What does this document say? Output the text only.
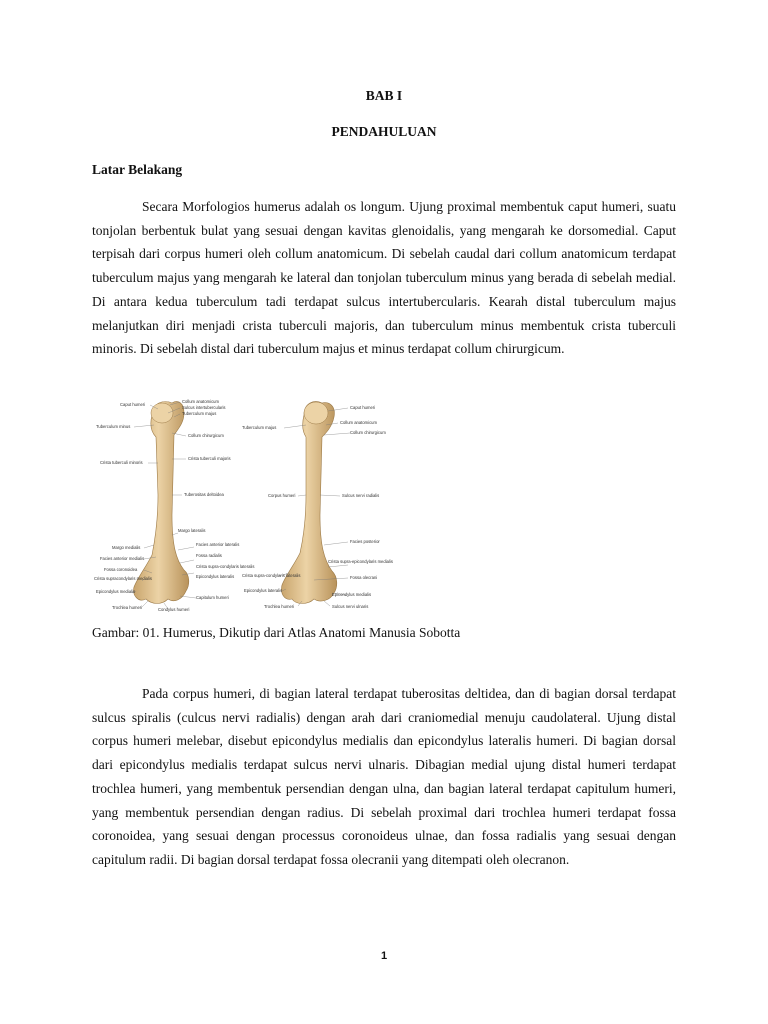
BAB I
PENDAHULUAN
Latar Belakang

Secara Morfologios humerus adalah os longum. Ujung proximal membentuk caput humeri, suatu tonjolan berbentuk bulat yang sesuai dengan kavitas glenoidalis, yang mengarah ke dorsomedial. Caput terpisah dari corpus humeri oleh collum anatomicum. Di sebelah caudal dari collum anatomicum terdapat tuberculum majus yang mengarah ke lateral dan tonjolan tuberculum minus yang berada di sebelah medial. Di antara kedua tuberculum tadi terdapat sulcus intertubercularis. Kearah distal tuberculum majus melanjutkan diri menjadi crista tuberculi majoris, dan tuberculum minus membentuk crista tuberculi minoris. Di sebelah distal dari tuberculum majus et minus terdapat collum chirurgicum.

Caput humeri
Collum anatomicum
Sulcus intertubercularis
Tuberculum majus
Tuberculum minus
Collum chirurgicum
Crista tuberculi minoris
Crista tuberculi majoris
Tuberositas deltoidea
Margo lateralis
Facies anterior lateralis
Margo medialis
Facies anterior medialis
Fossa radialis
Fossa coronoidea
Crista supra-condylaris lateralis
Crista supracondylaris medialis	Epicondylus lateralis
Epicondylus medialis
Capitulum humeri
Trochlea humeri	Condylus humeri
Caput humeri
Tuberculum majus
Collum anatomicum
Collum chirurgicum
Corpus humeri	Sulcus nervi radialis
Facies posterior
Crista supra-condylaris lateralis
Crista supra-epicondylaris medialis
Fossa olecrani
Epicondylus lateralis
Epicondylus medialis
Trochlea humeri	Sulcus nervi ulnaris
Gambar: 01. Humerus, Dikutip dari Atlas Anatomi Manusia Sobotta

Pada corpus humeri, di bagian lateral terdapat tuberositas deltidea, dan di bagian dorsal terdapat sulcus spiralis (culcus nervi radialis) dengan arah dari craniomedial menuju caudolateral. Ujung distal corpus humeri melebar, disebut epicondylus medialis dan epicondylus lateralis humeri. Di bagian dorsal dari epicondylus medialis terdapat sulcus nervi ulnaris. Dibagian medial ujung distal humeri terdapat trochlea humeri, yang membentuk persendian dengan ulna, dan bagian lateral terdapat capitulum humeri, yang membentuk persendian dengan radius. Di sebelah proximal dari trochlea humeri terdapat fossa coronoidea, yang sesuai dengan processus coronoideus ulnae, dan fossa radialis yang sesuai dengan capitulum radii. Di bagian dorsal terdapat fossa olecranii yang ditempati oleh olecranon.

1
